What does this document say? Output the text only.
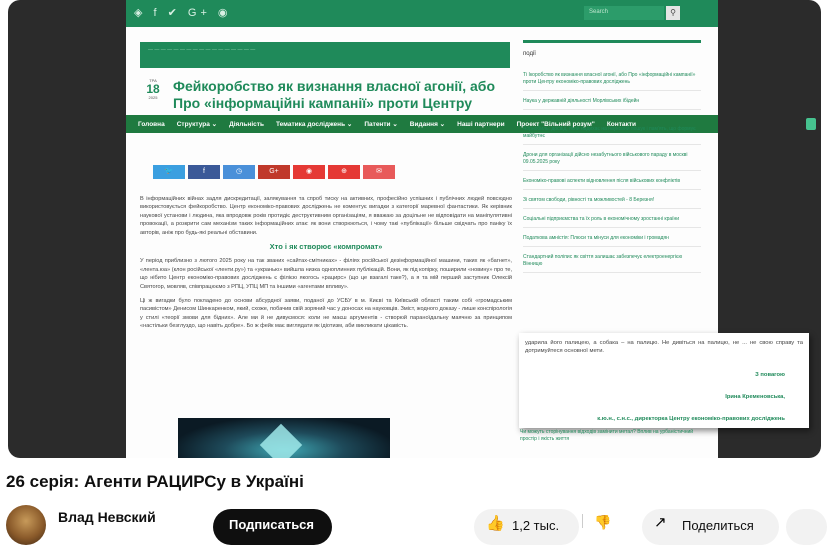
◈ f ✔ G+ ◉	Search	⚲
— — — — — — — — — — — — — — — — —
ТРА
18
2025
Фейкоробство як визнання власної агонії, або Про «інформаційні кампанії» проти Центру
Головна	Структура ⌄	Діяльність	Тематика досліджень ⌄	Патенти ⌄	Видання ⌄	Наші партнери	Проект "Вільний розум"	Контакти
🐦	f	◷	G+	◉	⊕	✉

В інформаційних війнах задля дискредитації, залякування та спроб тиску на активних, професійно успішних і публічних людей повсюдно використовується фейкоробство. Центр економіко-правових досліджень не коментує вигадки з категорії маревної фантастики. Як керівник наукової установи і людина, яка впродовж років протидіє деструктивним організаціям, я вважаю за доцільне не відповідати на маніпулятивні провокації, а розкрити сам механізм таких інформаційних атак: як вони створюються, і чому такі «публікації» більше свідчать про паніку їх авторів, аніж про будь-які реальні обставини.

Хто і як створює «компромат»

У період приблизно з лютого 2025 року на так званих «сайтах-смітниках» - філіях російської дезінформаційної машини, таких як «багнет», «лента.юа» (клон російської «ленти.ру») та «укранью» вийшла низка одноплинних публікацій. Вони, як під копірку, поширили «новину» про те, що нібито Центр економіко-правових досліджень є філією якогось «рацирс» (що це взагалі таке?), а я та мій перший заступник Олексій Святогор, мовляв, співпрацюємо з РПЦ, УПЦ МП та іншими «агентами впливу».

Ці ж вигадки було покладено до основи абсурдної заяви, поданої до УСБУ в м. Києві та Київській області таким собі «громадським пасивістом» Денисом Шинкаренком, який, схоже, побачив свій зоряний час у доносах на науковців. Зміст, жодного доказу - лише конспірологія у стилі «теорії змови для бідних». Але ми й не дивуємося: коли не маєш аргументів - створюй параноїдальну маячню за принципом «настільки безглуздо, що навіть добре». Бо ж фейк має виглядати як ідіотизм, аби викликати цікавість.

події
Ті Ікоробство як визнання власної агонії, або Про «інформаційні кампанії» проти Центру економіко-правових досліджень
Наука у державній діяльності Морлівських ібідейн
Чорнобиль: досвід, який надихає на науковий пошук і пам'ять, що формує майбутнє
Дрони для організації дійсно незабутнього військового параду в москві 09.05.2025 року
Економіко-правові аспекти відновлення після військових конфліктів
Зі святом свободи, рівності та можливостей - 8 Березня!
Соціальні підприємства та їх роль в економічному зростанні країни
Податкова амністія: Плюси та мінуси для економіки і громадян
Стандартний поліпис як свіття залишає забезпечує електроенергією Вінницю
ударила його палицею, а собака – на палицю. Не дивіться на палицю, не ... не свою справу та дотримуйтеся основної мети.
З повагою
Ірина Кременовська,
к.ю.н., с.н.с., директорка Центру економіко-правових досліджень
Чи можуть сторінування відходів замінити метал? Вплив на урбаністичний простір і якість життя
26 серія: Агенти РАЦИРСу в Україні
Влад Невский	Подписаться	1,2 тыс.
👍	👎	Поделиться
↗
